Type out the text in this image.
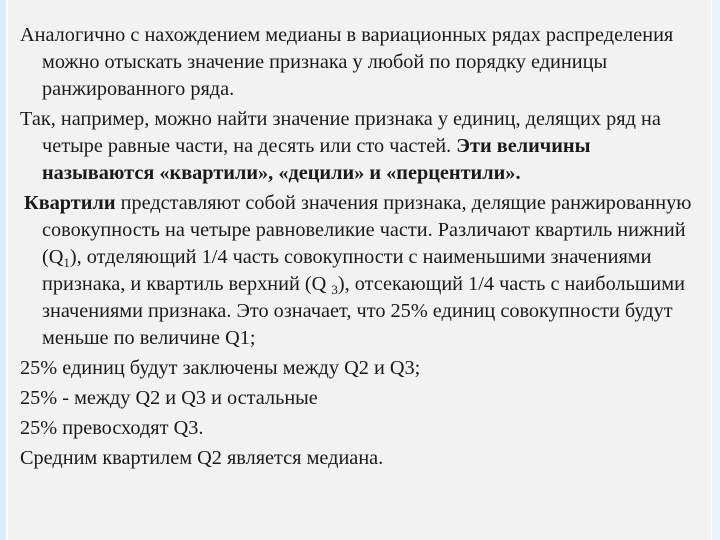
Аналогично с нахождением медианы в вариационных рядах распределения можно отыскать значение признака у любой по порядку единицы ранжированного ряда.

Так, например, можно найти значение признака у единиц, делящих ряд на четыре равные части, на десять или сто частей. Эти величины называются «квартили», «децили» и «перцентили».

Квартили представляют собой значения признака, делящие ранжированную совокупность на четыре равновеликие части. Различают квартиль нижний $(Q_1)$, отделяющий 1/4 часть совокупности с наименьшими значениями признака, и квартиль верхний (Q $_3$), отсекающий 1/4 часть с наибольшими значениями признака. Это означает, что 25% единиц совокупности будут меньше по величине Q1;

25% единиц будут заключены между Q2 и Q3;

25% - между Q2 и Q3 и остальные

25% превосходят Q3.

Средним квартилем Q2 является медиана.
